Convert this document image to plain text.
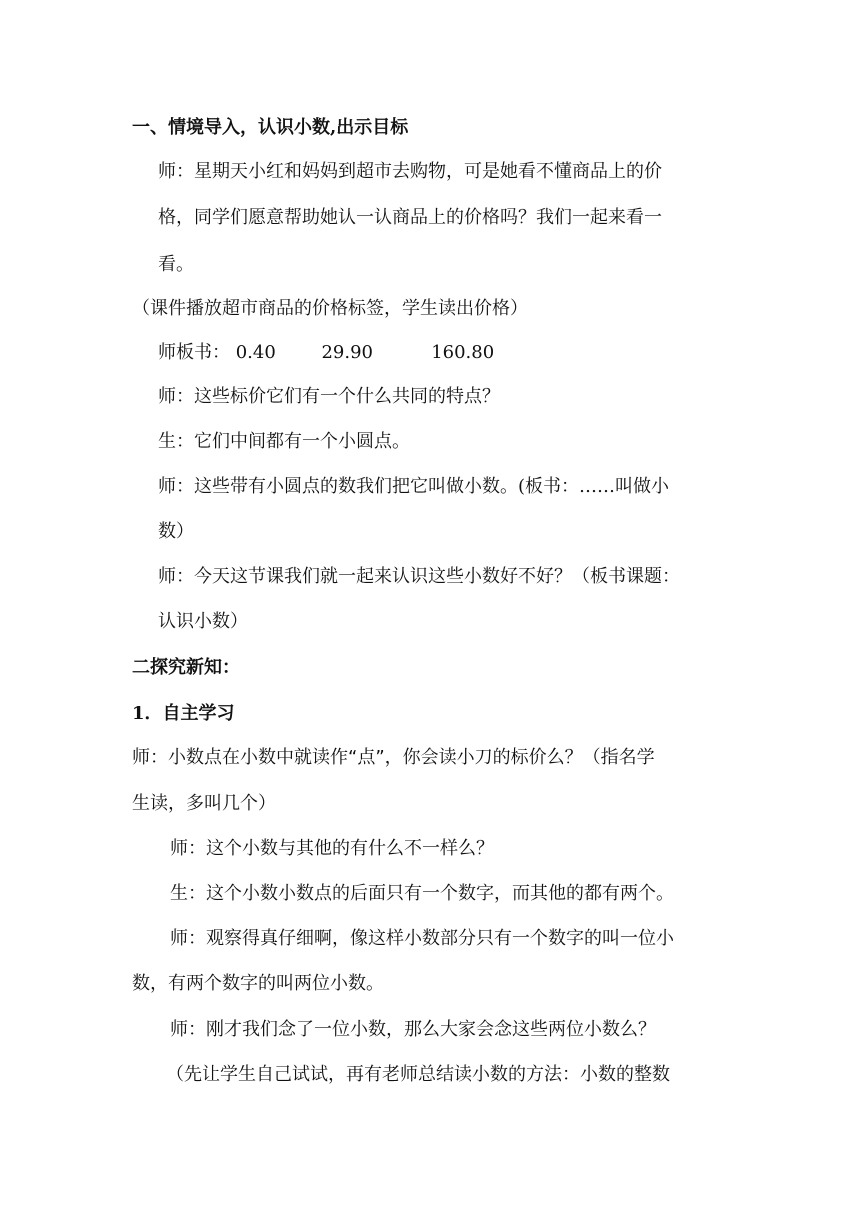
一、情境导入，认识小数,出示目标
师：星期天小红和妈妈到超市去购物，可是她看不懂商品上的价
格，同学们愿意帮助她认一认商品上的价格吗？我们一起来看一
看。
（课件播放超市商品的价格标签，学生读出价格）
师板书： 0.40	29.90	160.80
师：这些标价它们有一个什么共同的特点？
生：它们中间都有一个小圆点。
师：这些带有小圆点的数我们把它叫做小数。(板书：……叫做小
数）
师：今天这节课我们就一起来认识这些小数好不好？（板书课题：
认识小数）
二探究新知：
1．自主学习
师：小数点在小数中就读作“点”，你会读小刀的标价么？（指名学
生读，多叫几个）
师：这个小数与其他的有什么不一样么？
生：这个小数小数点的后面只有一个数字，而其他的都有两个。
师：观察得真仔细啊，像这样小数部分只有一个数字的叫一位小
数，有两个数字的叫两位小数。
师：刚才我们念了一位小数，那么大家会念这些两位小数么？
（先让学生自己试试，再有老师总结读小数的方法：小数的整数
